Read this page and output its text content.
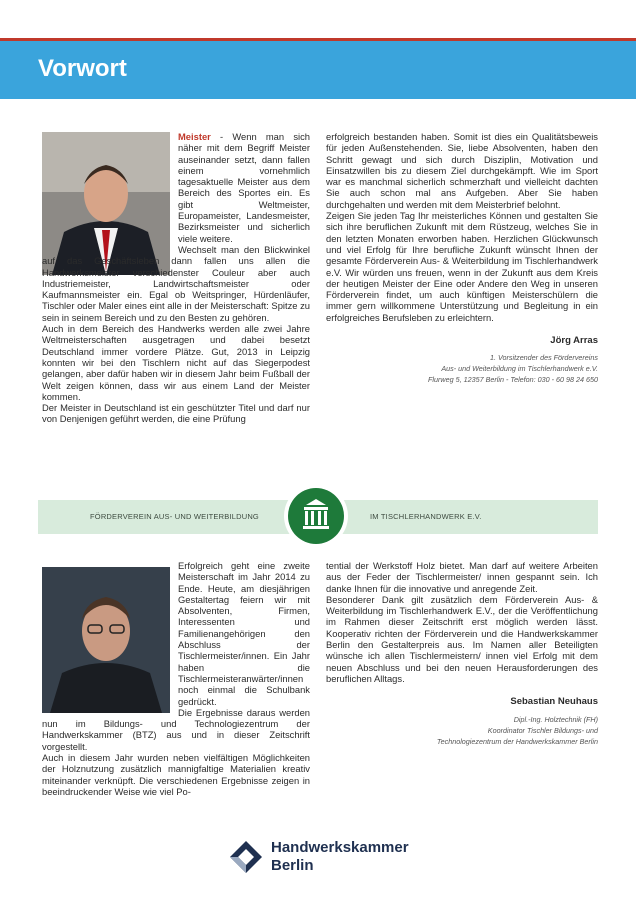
Vorwort

Meister - Wenn man sich näher mit dem Begriff Meister auseinander setzt, dann fallen einem vornehmlich tagesaktuelle Meister aus dem Bereich des Sportes ein. Es gibt Weltmeister, Europameister, Landesmeister, Bezirksmeister und sicherlich viele weitere.

Wechselt man den Blickwinkel auf das Geschäftsleben dann fallen uns allen die Handwerksmeister verschiedenster Couleur aber auch Industriemeister, Landwirtschaftsmeister oder Kaufmannsmeister ein. Egal ob Weitspringer, Hürdenläufer, Tischler oder Maler eines eint alle in der Meisterschaft: Spitze zu sein in seinem Bereich und zu den Besten zu gehören.

Auch in dem Bereich des Handwerks werden alle zwei Jahre Weltmeisterschaften ausgetragen und dabei besetzt Deutschland immer vordere Plätze. Gut, 2013 in Leipzig konnten wir bei den Tischlern nicht auf das Siegerpodest gelangen, aber dafür haben wir in diesem Jahr beim Fußball der Welt zeigen können, dass wir aus einem Land der Meister kommen.

Der Meister in Deutschland ist ein geschützter Titel und darf nur von Denjenigen geführt werden, die eine Prüfung

erfolgreich bestanden haben. Somit ist dies ein Qualitätsbeweis für jeden Außenstehenden. Sie, liebe Absolventen, haben den Schritt gewagt und sich durch Disziplin, Motivation und Einsatzwillen bis zu diesem Ziel durchgekämpft. Wie im Sport war es manchmal sicherlich schmerzhaft und vielleicht dachten Sie auch schon mal ans Aufgeben. Aber Sie haben durchgehalten und werden mit dem Meisterbrief belohnt.

Zeigen Sie jeden Tag Ihr meisterliches Können und gestalten Sie sich ihre beruflichen Zukunft mit dem Rüstzeug, welches Sie in den letzten Monaten erworben haben. Herzlichen Glückwunsch und viel Erfolg für Ihre berufliche Zukunft wünscht Ihnen der gesamte Förderverein Aus- & Weiterbildung im Tischlerhandwerk e.V. Wir würden uns freuen, wenn in der Zukunft aus dem Kreis der heutigen Meister der Eine oder Andere den Weg in unseren Förderverein findet, um auch künftigen Meisterschülern die immer gern willkommene Unterstützung und Begleitung in ein erfolgreiches Berufsleben zu erleichtern.

Jörg Arras
1. Vorsitzender des Fördervereins
Aus- und Weiterbildung im Tischlerhandwerk e.V.
Flurweg 5, 12357 Berlin - Telefon: 030 - 60 98 24 650
FÖRDERVEREIN AUS- UND WEITERBILDUNG	IM TISCHLERHANDWERK E.V.

Erfolgreich geht eine zweite Meisterschaft im Jahr 2014 zu Ende. Heute, am diesjährigen Gestaltertag feiern wir mit Absolventen, Firmen, Interessenten und Familienangehörigen den Abschluss der Tischlermeister/innen. Ein Jahr haben die Tischlermeisteranwärter/innen noch einmal die Schulbank gedrückt.

Die Ergebnisse daraus werden nun im Bildungs- und Technologiezentrum der Handwerkskammer (BTZ) aus und in dieser Zeitschrift vorgestellt.

Auch in diesem Jahr wurden neben vielfältigen Möglichkeiten der Holznutzung zusätzlich mannigfaltige Materialien kreativ miteinander verknüpft. Die verschiedenen Ergebnisse zeigen in beeindruckender Weise wie viel Po-

tential der Werkstoff Holz bietet. Man darf auf weitere Arbeiten aus der Feder der Tischlermeister/ innen gespannt sein. Ich danke Ihnen für die innovative und anregende Zeit.

Besonderer Dank gilt zusätzlich dem Förderverein Aus- & Weiterbildung im Tischlerhandwerk E.V., der die Veröffentlichung im Rahmen dieser Zeitschrift erst möglich werden lässt. Kooperativ richten der Förderverein und die Handwerkskammer Berlin den Gestalterpreis aus. Im Namen aller Beteiligten wünsche ich allen Tischlermeistern/ innen viel Erfolg mit dem neuen Abschluss und bei den neuen Herausforderungen des beruflichen Alltags.

Sebastian Neuhaus
Dipl.-Ing. Holztechnik (FH)
Koordinator Tischler Bildungs- und
Technologiezentrum der Handwerkskammer Berlin
Handwerkskammer
Berlin
